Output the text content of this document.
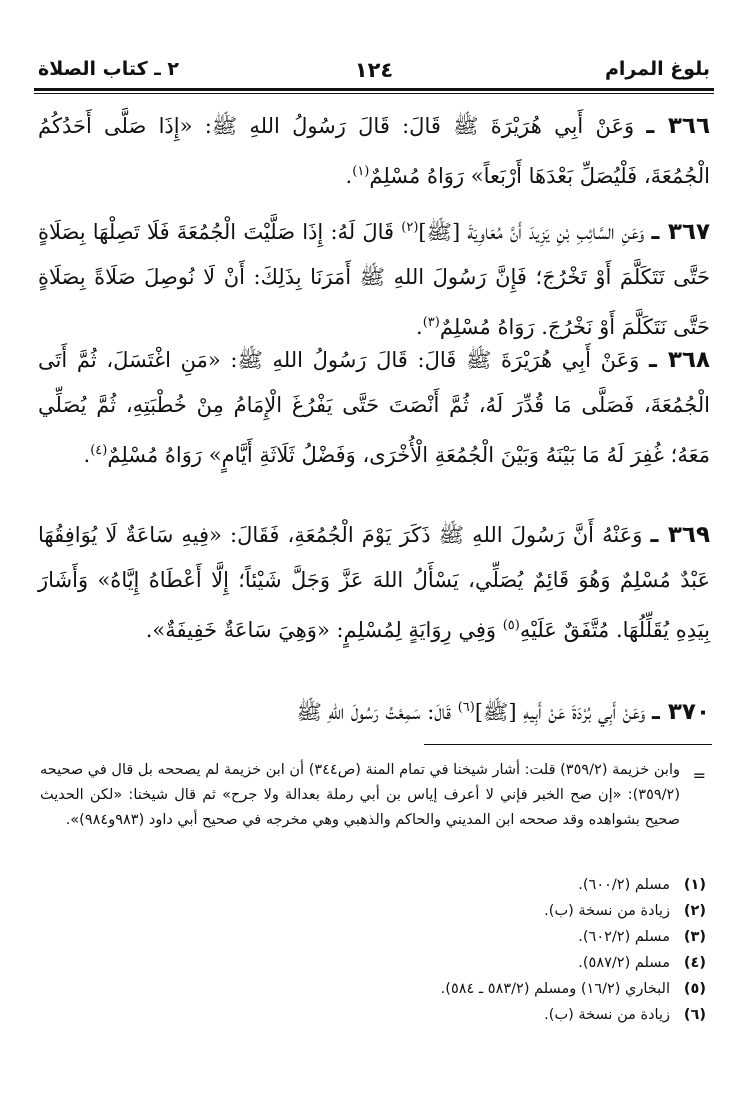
بلوغ المرام
١٢٤
٢ ـ كتاب الصلاة
٣٦٦ ـ وَعَنْ أَبِي هُرَيْرَةَ ﷺ قَالَ: قَالَ رَسُولُ اللهِ ﷺ: «إِذَا صَلَّى أَحَدُكُمُ الْجُمُعَةَ، فَلْيُصَلِّ بَعْدَهَا أَرْبَعاً» رَوَاهُ مُسْلِمٌ$^{(١)}$.
٣٦٧ ـ وَعَنِ السَّائِبِ بْنِ يَزِيدَ أَنَّ مُعَاوِيَةَ [ﷺ]$^{(٢)}$ قَالَ لَهُ: إِذَا صَلَّيْتَ الْجُمُعَةَ فَلَا تَصِلْهَا بِصَلَاةٍ حَتَّى تَتَكَلَّمَ أَوْ تَخْرُجَ؛ فَإِنَّ رَسُولَ اللهِ ﷺ أَمَرَنَا بِذَلِكَ: أَنْ لَا نُوصِلَ صَلَاةً بِصَلَاةٍ حَتَّى نَتَكَلَّمَ أَوْ نَخْرُجَ. رَوَاهُ مُسْلِمٌ$^{(٣)}$.
٣٦٨ ـ وَعَنْ أَبِي هُرَيْرَةَ ﷺ قَالَ: قَالَ رَسُولُ اللهِ ﷺ: «مَنِ اغْتَسَلَ، ثُمَّ أَتَى الْجُمُعَةَ، فَصَلَّى مَا قُدِّرَ لَهُ، ثُمَّ أَنْصَتَ حَتَّى يَفْرُغَ الْإِمَامُ مِنْ خُطْبَتِهِ، ثُمَّ يُصَلِّي مَعَهُ؛ غُفِرَ لَهُ مَا بَيْنَهُ وَبَيْنَ الْجُمُعَةِ الْأُخْرَى، وَفَضْلُ ثَلَاثَةِ أَيَّامٍ» رَوَاهُ مُسْلِمٌ$^{(٤)}$.
٣٦٩ ـ وَعَنْهُ أَنَّ رَسُولَ اللهِ ﷺ ذَكَرَ يَوْمَ الْجُمُعَةِ، فَقَالَ: «فِيهِ سَاعَةٌ لَا يُوَافِقُهَا عَبْدٌ مُسْلِمٌ وَهُوَ قَائِمٌ يُصَلِّي، يَسْأَلُ اللهَ عَزَّ وَجَلَّ شَيْئاً؛ إِلَّا أَعْطَاهُ إِيَّاهُ» وَأَشَارَ بِيَدِهِ يُقَلِّلُهَا. مُتَّفَقٌ عَلَيْهِ$^{(٥)}$ وَفِي رِوَايَةٍ لِمُسْلِمٍ: «وَهِيَ سَاعَةٌ خَفِيفَةٌ».
٣٧٠ ـ وَعَنْ أَبِي بُرْدَةَ عَنْ أَبِيهِ [ﷺ]$^{(٦)}$ قَالَ: سَمِعْتُ رَسُولَ اللهِ ﷺ
=
وابن خزيمة (٣٥٩/٢) قلت: أشار شيخنا في تمام المنة (ص٣٤٤) أن ابن خزيمة لم يصححه بل قال في صحيحه (٣٥٩/٢): «إن صح الخبر فإني لا أعرف إياس بن أبي رملة بعدالة ولا جرح» ثم قال شيخنا: «لكن الحديث صحيح بشواهده وقد صححه ابن المديني والحاكم والذهبي وهي مخرجه في صحيح أبي داود (٩٨٣و٩٨٤)».
(١)مسلم (٦٠٠/٢).
(٢)زيادة من نسخة (ب).
(٣)مسلم (٦٠٢/٢).
(٤)مسلم (٥٨٧/٢).
(٥)البخاري (١٦/٢) ومسلم (٥٨٣/٢ ـ ٥٨٤).
(٦)زيادة من نسخة (ب).
